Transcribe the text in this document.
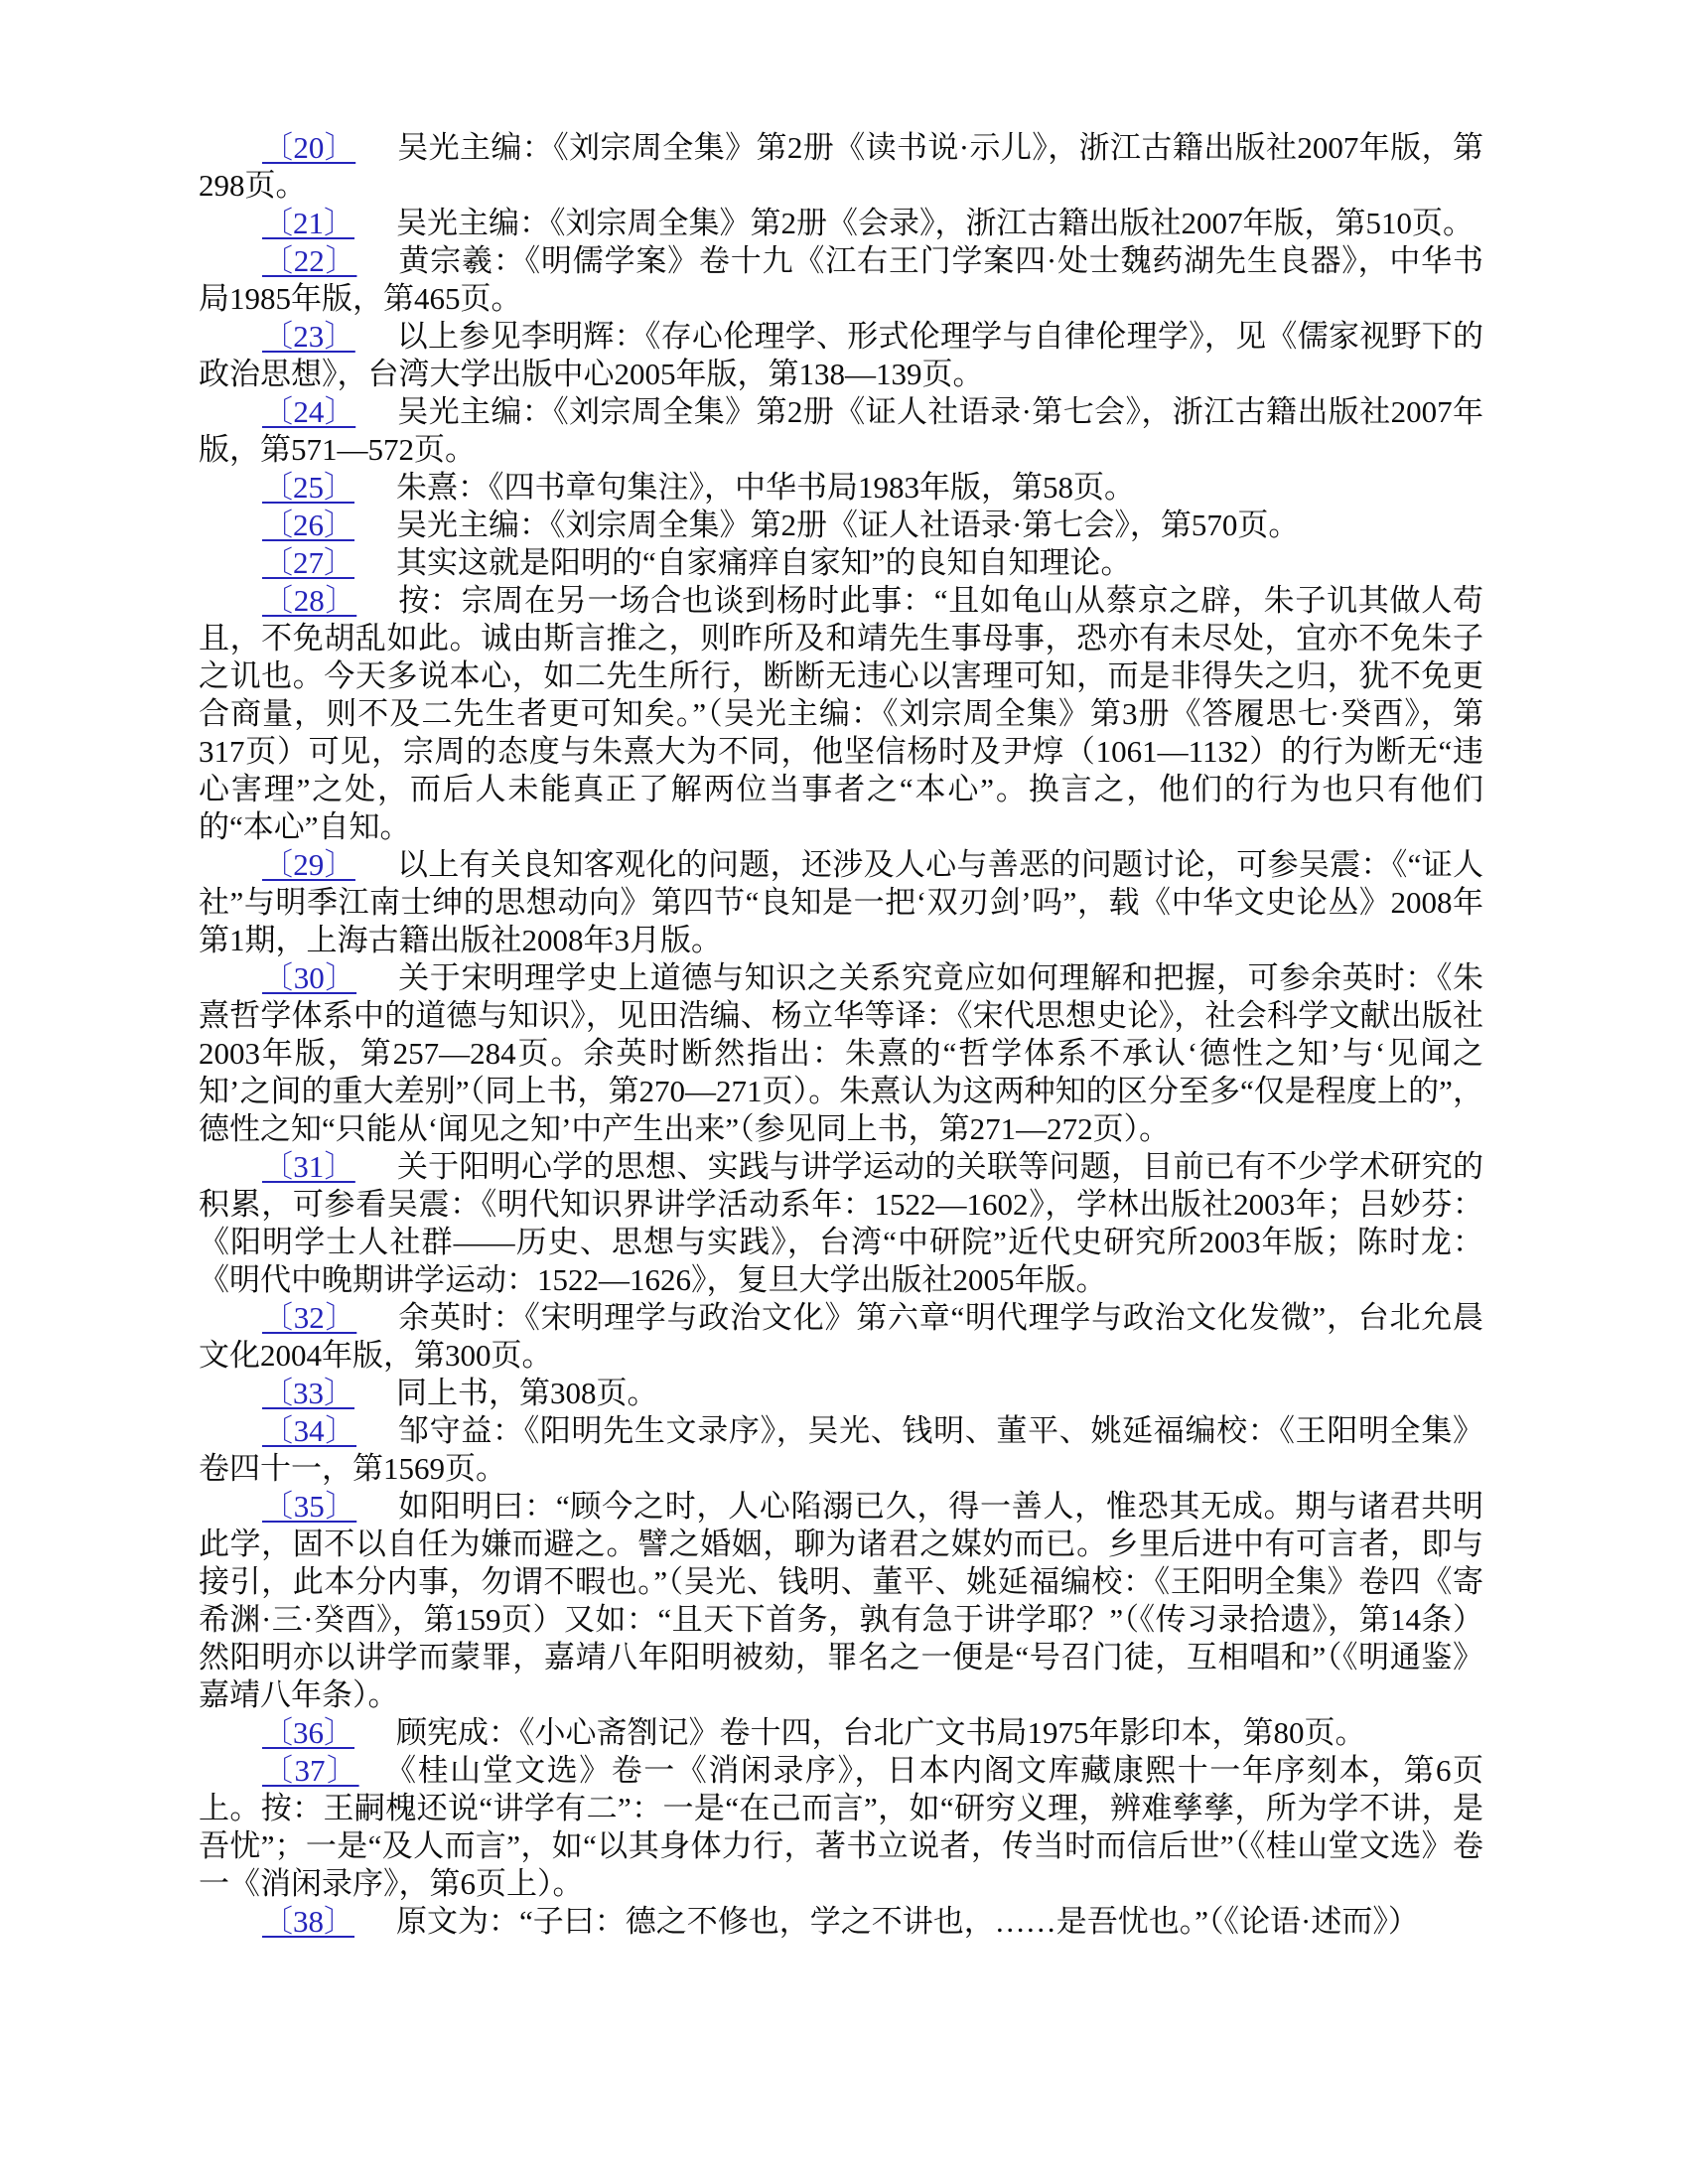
〔20〕 吴光主编：《刘宗周全集》第2册《读书说·示儿》，浙江古籍出版社2007年版，第298页。

〔21〕 吴光主编：《刘宗周全集》第2册《会录》，浙江古籍出版社2007年版，第510页。

〔22〕 黄宗羲：《明儒学案》卷十九《江右王门学案四·处士魏药湖先生良器》，中华书局1985年版，第465页。

〔23〕 以上参见李明辉：《存心伦理学、形式伦理学与自律伦理学》，见《儒家视野下的政治思想》，台湾大学出版中心2005年版，第138—139页。

〔24〕 吴光主编：《刘宗周全集》第2册《证人社语录·第七会》，浙江古籍出版社2007年版，第571—572页。

〔25〕 朱熹：《四书章句集注》，中华书局1983年版，第58页。

〔26〕 吴光主编：《刘宗周全集》第2册《证人社语录·第七会》，第570页。

〔27〕 其实这就是阳明的“自家痛痒自家知”的良知自知理论。

〔28〕 按：宗周在另一场合也谈到杨时此事：“且如龟山从蔡京之辟，朱子讥其做人苟且，不免胡乱如此。诚由斯言推之，则昨所及和靖先生事母事，恐亦有未尽处，宜亦不免朱子之讥也。今天多说本心，如二先生所行，断断无违心以害理可知，而是非得失之归，犹不免更合商量，则不及二先生者更可知矣。”（吴光主编：《刘宗周全集》第3册《答履思七·癸酉》，第317页）可见，宗周的态度与朱熹大为不同，他坚信杨时及尹焞（1061—1132）的行为断无“违心害理”之处，而后人未能真正了解两位当事者之“本心”。换言之，他们的行为也只有他们的“本心”自知。

〔29〕 以上有关良知客观化的问题，还涉及人心与善恶的问题讨论，可参吴震：《“证人社”与明季江南士绅的思想动向》第四节“良知是一把‘双刃剑’吗”，载《中华文史论丛》2008年第1期，上海古籍出版社2008年3月版。

〔30〕 关于宋明理学史上道德与知识之关系究竟应如何理解和把握，可参余英时：《朱熹哲学体系中的道德与知识》，见田浩编、杨立华等译：《宋代思想史论》，社会科学文献出版社2003年版，第257—284页。余英时断然指出：朱熹的“哲学体系不承认‘德性之知’与‘见闻之知’之间的重大差别”（同上书，第270—271页）。朱熹认为这两种知的区分至多“仅是程度上的”，德性之知“只能从‘闻见之知’中产生出来”（参见同上书，第271—272页）。

〔31〕 关于阳明心学的思想、实践与讲学运动的关联等问题，目前已有不少学术研究的积累，可参看吴震：《明代知识界讲学活动系年：1522—1602》，学林出版社2003年；吕妙芬：《阳明学士人社群——历史、思想与实践》，台湾“中研院”近代史研究所2003年版；陈时龙：《明代中晚期讲学运动：1522—1626》，复旦大学出版社2005年版。

〔32〕 余英时：《宋明理学与政治文化》第六章“明代理学与政治文化发微”，台北允晨文化2004年版，第300页。

〔33〕 同上书，第308页。

〔34〕 邹守益：《阳明先生文录序》，吴光、钱明、董平、姚延福编校：《王阳明全集》卷四十一，第1569页。

〔35〕 如阳明曰：“顾今之时，人心陷溺已久，得一善人，惟恐其无成。期与诸君共明此学，固不以自任为嫌而避之。譬之婚姻，聊为诸君之媒妁而已。乡里后进中有可言者，即与接引，此本分内事，勿谓不暇也。”（吴光、钱明、董平、姚延福编校：《王阳明全集》卷四《寄希渊·三·癸酉》，第159页）又如：“且天下首务，孰有急于讲学耶？”（《传习录拾遗》，第14条）然阳明亦以讲学而蒙罪，嘉靖八年阳明被劾，罪名之一便是“号召门徒，互相唱和”（《明通鉴》嘉靖八年条）。

〔36〕 顾宪成：《小心斋劄记》卷十四，台北广文书局1975年影印本，第80页。

〔37〕 《桂山堂文选》卷一《消闲录序》，日本内阁文库藏康熙十一年序刻本，第6页上。按：王嗣槐还说“讲学有二”：一是“在己而言”，如“研穷义理，辨难孳孳，所为学不讲，是吾忧”；一是“及人而言”，如“以其身体力行，著书立说者，传当时而信后世”（《桂山堂文选》卷一《消闲录序》，第6页上）。

〔38〕 原文为：“子曰：德之不修也，学之不讲也，……是吾忧也。”（《论语·述而》）
